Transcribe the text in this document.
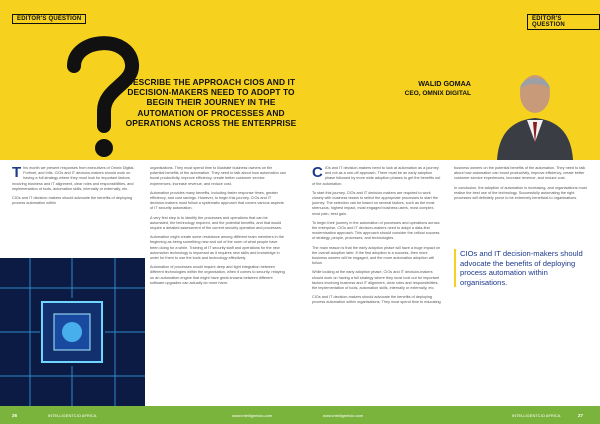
EDITOR'S QUESTION	EDITOR'S QUESTION
DESCRIBE THE APPROACH CIOS AND IT DECISION-MAKERS NEED TO ADOPT TO BEGIN THEIR JOURNEY IN THE AUTOMATION OF PROCESSES AND OPERATIONS ACROSS THE ENTERPRISE
WALID GOMAA
CEO, OMNIX DIGITAL

This month we present responses from executives of Omnix Digital, Fortinet, and Infis. CIOs and IT decision-makers should work on having a full strategy where they must look for important factors involving business and IT alignment, clear roles and responsibilities, and implementation of tools, automation skills, internally or externally, etc.

CIOs and IT decision-makers should advocate the benefits of deploying process automation within

organisations. They must spend time to illustrate business owners on the potential benefits of the automation. They need to talk about how automation can boost productivity, improve efficiency, create better customer service experiences, increase revenue, and reduce cost.

Automation provides many benefits, including faster response times, greater efficiency, and cost savings. However, to begin this journey, CIOs and IT decision-makers must follow a systematic approach that covers various aspects of IT security automation.

A very first step is to identify the processes and operations that can be automated, the technology required, and the potential benefits, and that would require a detailed assessment of the current security operation and processes.

Automation might create some resistance among different team members in the beginning as being something new and out of the norm of what people have been doing for a while. Training of IT security staff and operations for the new automation technology is important as it requires new skills and knowledge in order for them to use the tools and technology effectively.

Automation of processes would require deep and tight integration between different technologies within the organisation, when it comes to security, relaying on an automation engine that might have great knowns between different software upgrades can actually do more harm.

C IOs and IT decision-makers need to look at automation as a journey and not as a one-off approach. There must be an early adoption phase followed by more wide adoption phases to get the benefits out of the automation.

To start this journey, CIOs and IT decision-makers are required to work closely with business teams to select the appropriate processes to start the journey. The selection can be based on several factors, such as the most strenuous, highest impact, most engaged business users, most complex, most pain, best gain.

To begin their journey in the automation of processes and operations across the enterprise, CIOs and IT decision-makers need to adopt a data-first modernisation approach. This approach should consider the critical success of strategy, people, processes, and technologies.

The main reason is that the early adoption phase will have a huge impact on the overall adoption later. If the first adoption is a success, then more business owners will be engaged, and the more automation adoption will follow.

While looking at the early adoption phase, CIOs and IT decision-makers should work on having a full strategy where they must look out for important factors involving business and IT alignment, clear roles and responsibilities, the implementation of tools, automation skills, internally or externally, etc.

CIOs and IT decision-makers should advocate the benefits of deploying process automation within organisations. They must spend time to educating

business owners on the potential benefits of the automation. They need to talk about how automation can boost productivity, improve efficiency, create better customer service experiences, increase revenue, and reduce cost.

In conclusion, the adoption of automation is increasing, and organisations must realise the best use of the technology. Successfully automating the right processes will definitely prove to be extremely beneficial to organisations.

CIOs and IT decision-makers should advocate the benefits of deploying process automation within organisations.
26	INTELLIGENTCIO AFRICA	www.intelligentcio.com	www.intelligentcio.com	INTELLIGENTCIO AFRICA	27
